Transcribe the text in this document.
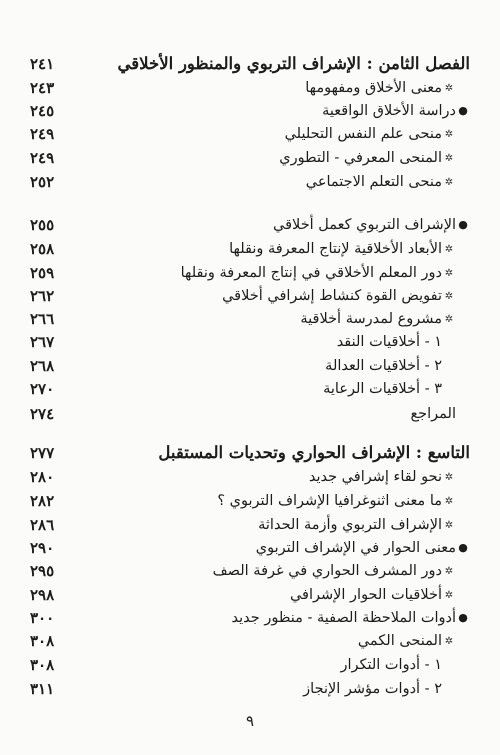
الفصل الثامن : الإشراف التربوي والمنظور الأخلاقي
٢٤١
✲معنى الأخلاق ومفهومها
٢٤٣
●دراسة الأخلاق الواقعية
٢٤٥
✲منحى علم النفس التحليلي
٢٤٩
✲المنحى المعرفي - التطوري
٢٤٩
✲منحى التعلم الاجتماعي
٢٥٢
●الإشراف التربوي كعمل أخلاقي
٢٥٥
✲الأبعاد الأخلاقية لإنتاج المعرفة ونقلها
٢٥٨
✲دور المعلم الأخلاقي في إنتاج المعرفة ونقلها
٢٥٩
✲تفويض القوة كنشاط إشرافي أخلاقي
٢٦٢
✲مشروع لمدرسة أخلاقية
٢٦٦
١ - أخلاقيات النقد
٢٦٧
٢ - أخلاقيات العدالة
٢٦٨
٣ - أخلاقيات الرعاية
٢٧٠
المراجع
٢٧٤
التاسع : الإشراف الحواري وتحديات المستقبل
٢٧٧
✲نحو لقاء إشرافي جديد
٢٨٠
✲ما معنى اثنوغرافيا الإشراف التربوي ؟
٢٨٢
✲الإشراف التربوي وأزمة الحداثة
٢٨٦
●معنى الحوار في الإشراف التربوي
٢٩٠
✲دور المشرف الحواري في غرفة الصف
٢٩٥
✲أخلاقيات الحوار الإشرافي
٢٩٨
●أدوات الملاحظة الصفية - منظور جديد
٣٠٠
✲المنحى الكمي
٣٠٨
١ - أدوات التكرار
٣٠٨
٢ - أدوات مؤشر الإنجاز
٣١١
٩
